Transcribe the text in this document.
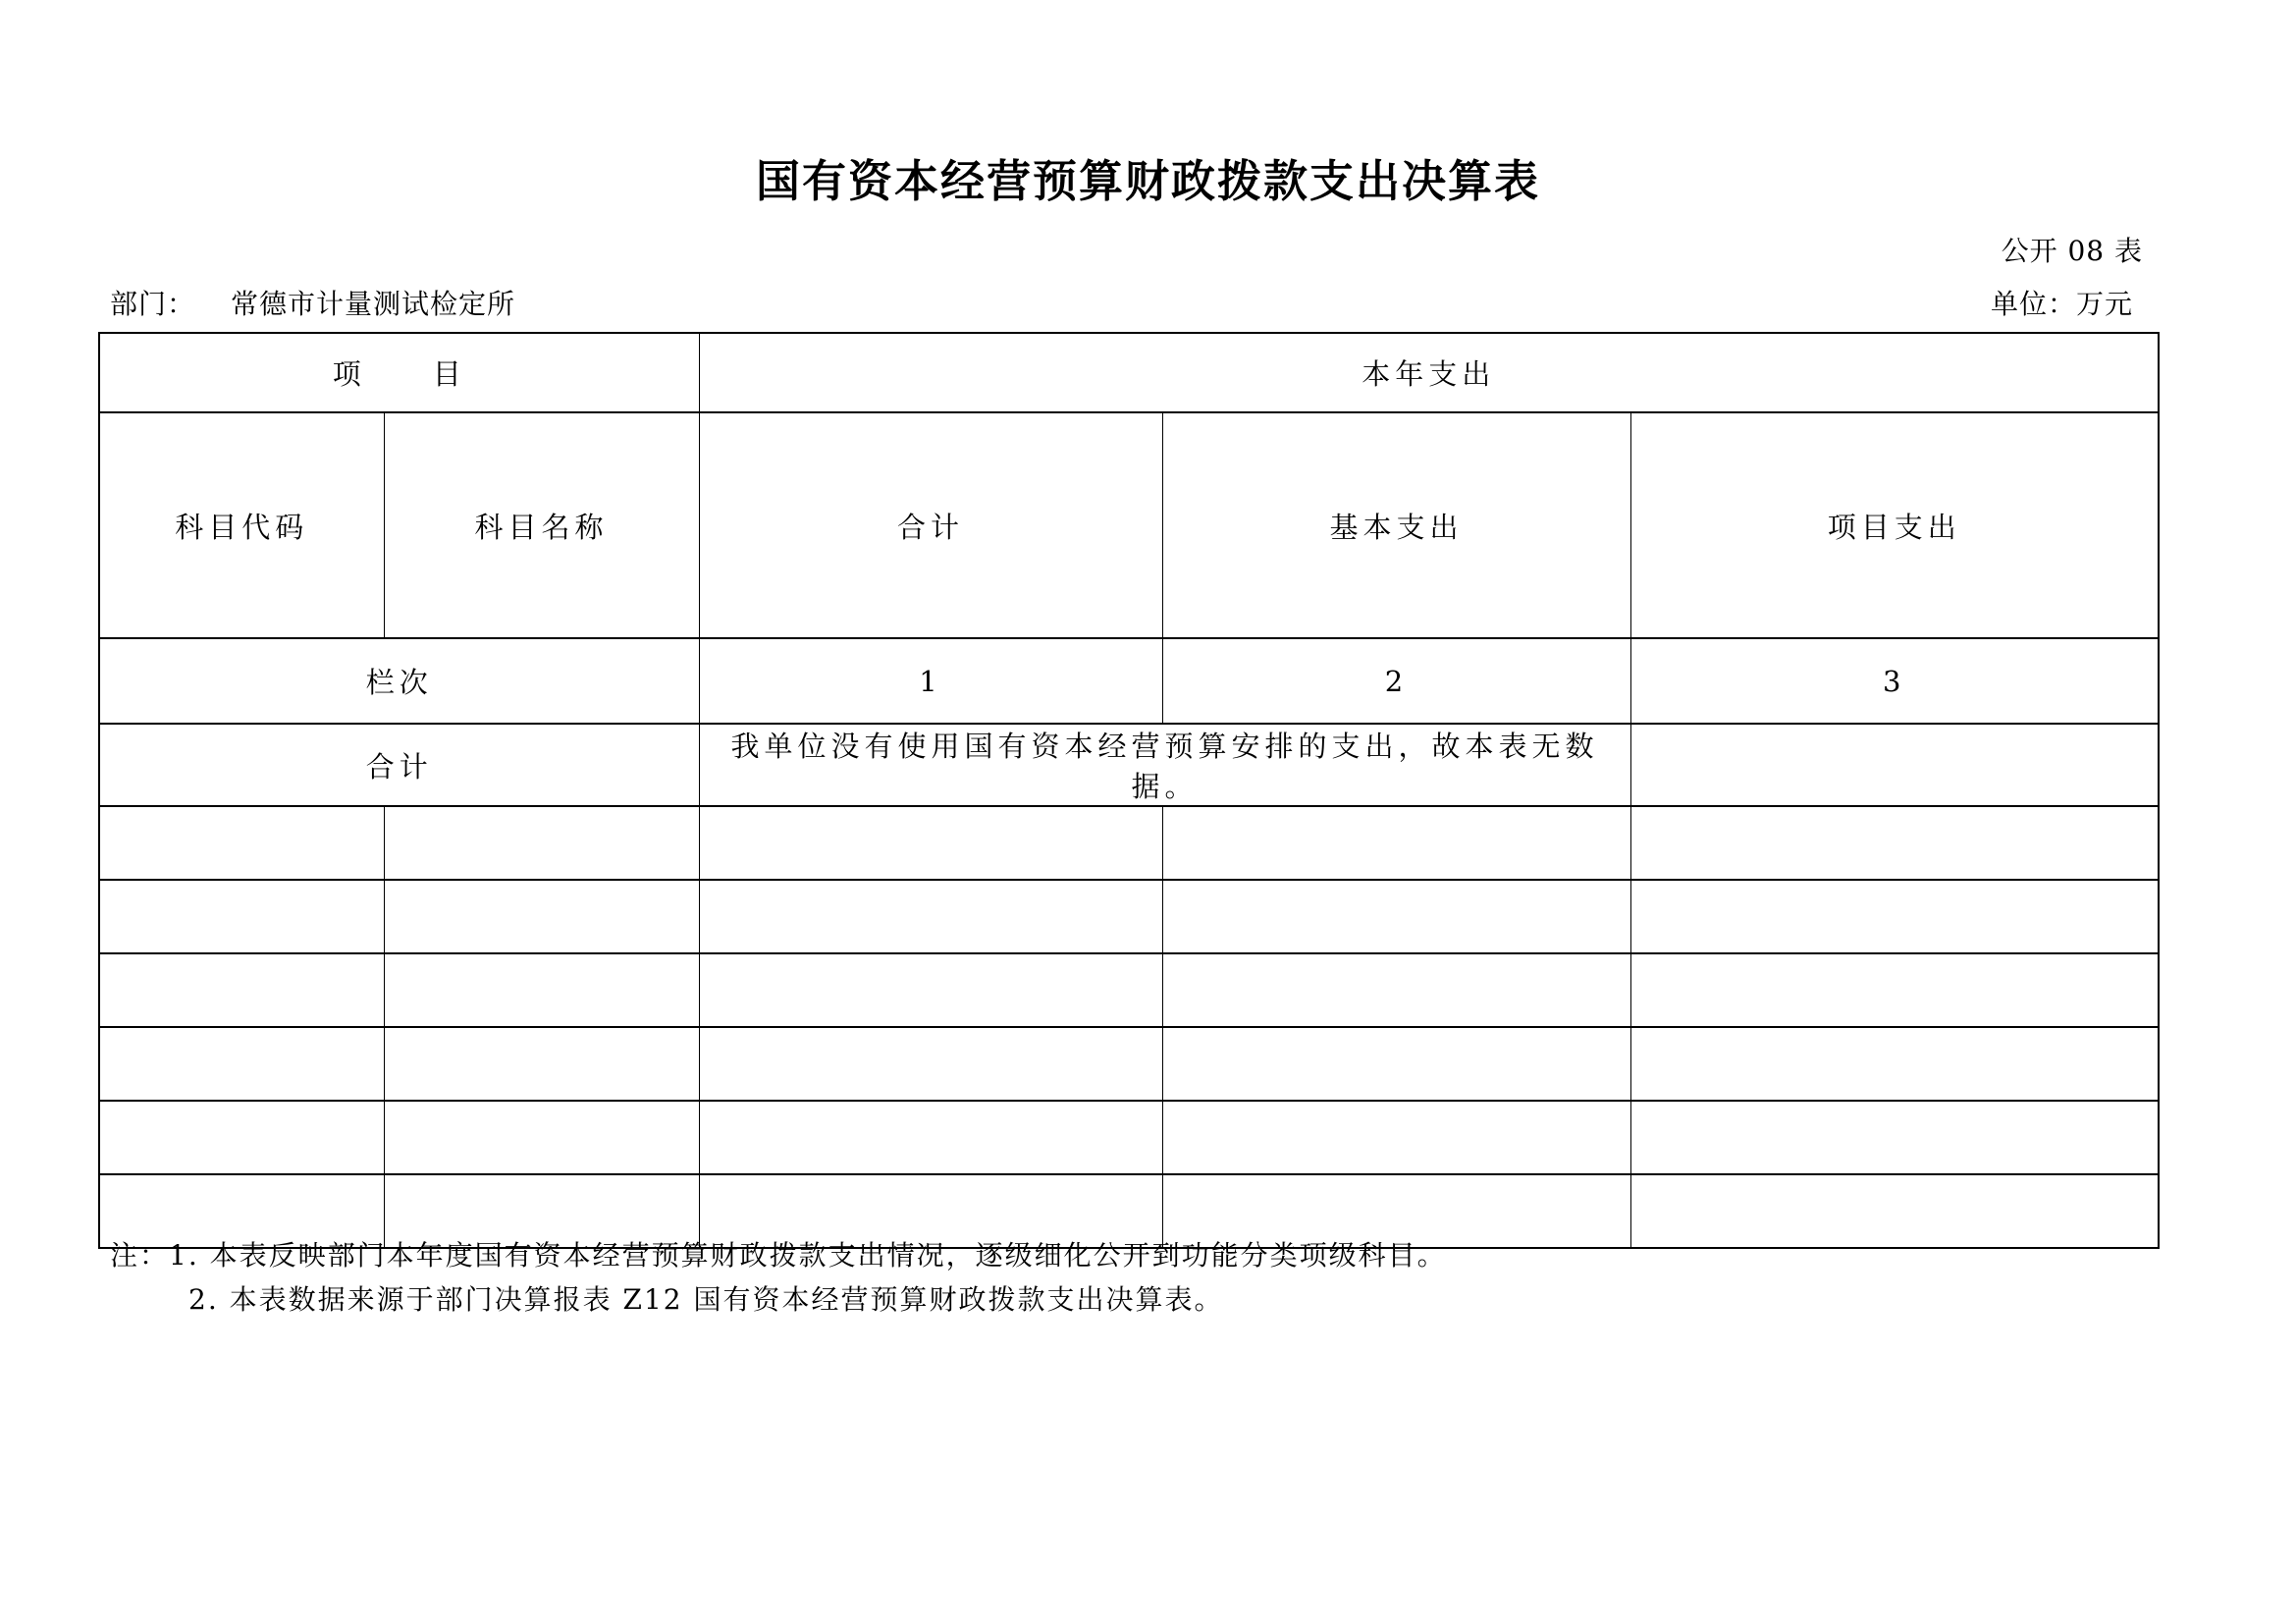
国有资本经营预算财政拨款支出决算表
公开 08 表
部门： 常德市计量测试检定所	单位：万元
项　　目		本年支出		
科目代码	科目名称	合计	基本支出	项目支出
栏次		1	2	3
合计		我单位没有使用国有资本经营预算安排的支出，故本表无数据。		

注：1. 本表反映部门本年度国有资本经营预算财政拨款支出情况，逐级细化公开到功能分类项级科目。
2. 本表数据来源于部门决算报表 Z12 国有资本经营预算财政拨款支出决算表。
